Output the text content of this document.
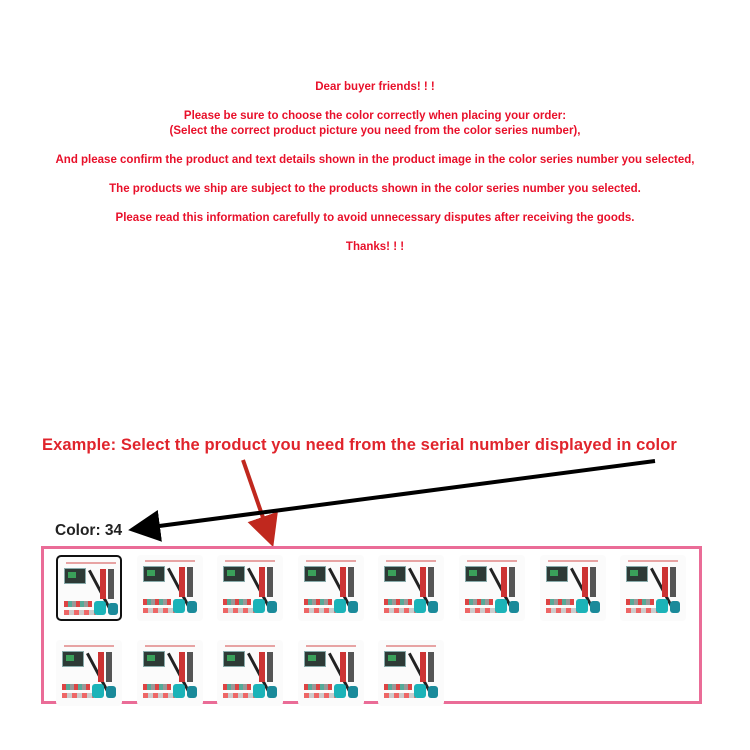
Dear buyer friends! ! !

Please be sure to choose the color correctly when placing your order:

(Select the correct product picture you need from the color series number),

And please confirm the product and text details shown in the product image in the color series number you selected,

The products we ship are subject to the products shown in the color series number you selected.

Please read this information carefully to avoid unnecessary disputes after receiving the goods.

Thanks! ! !

Example: Select the product you need from the serial number displayed in color
Color: 34
